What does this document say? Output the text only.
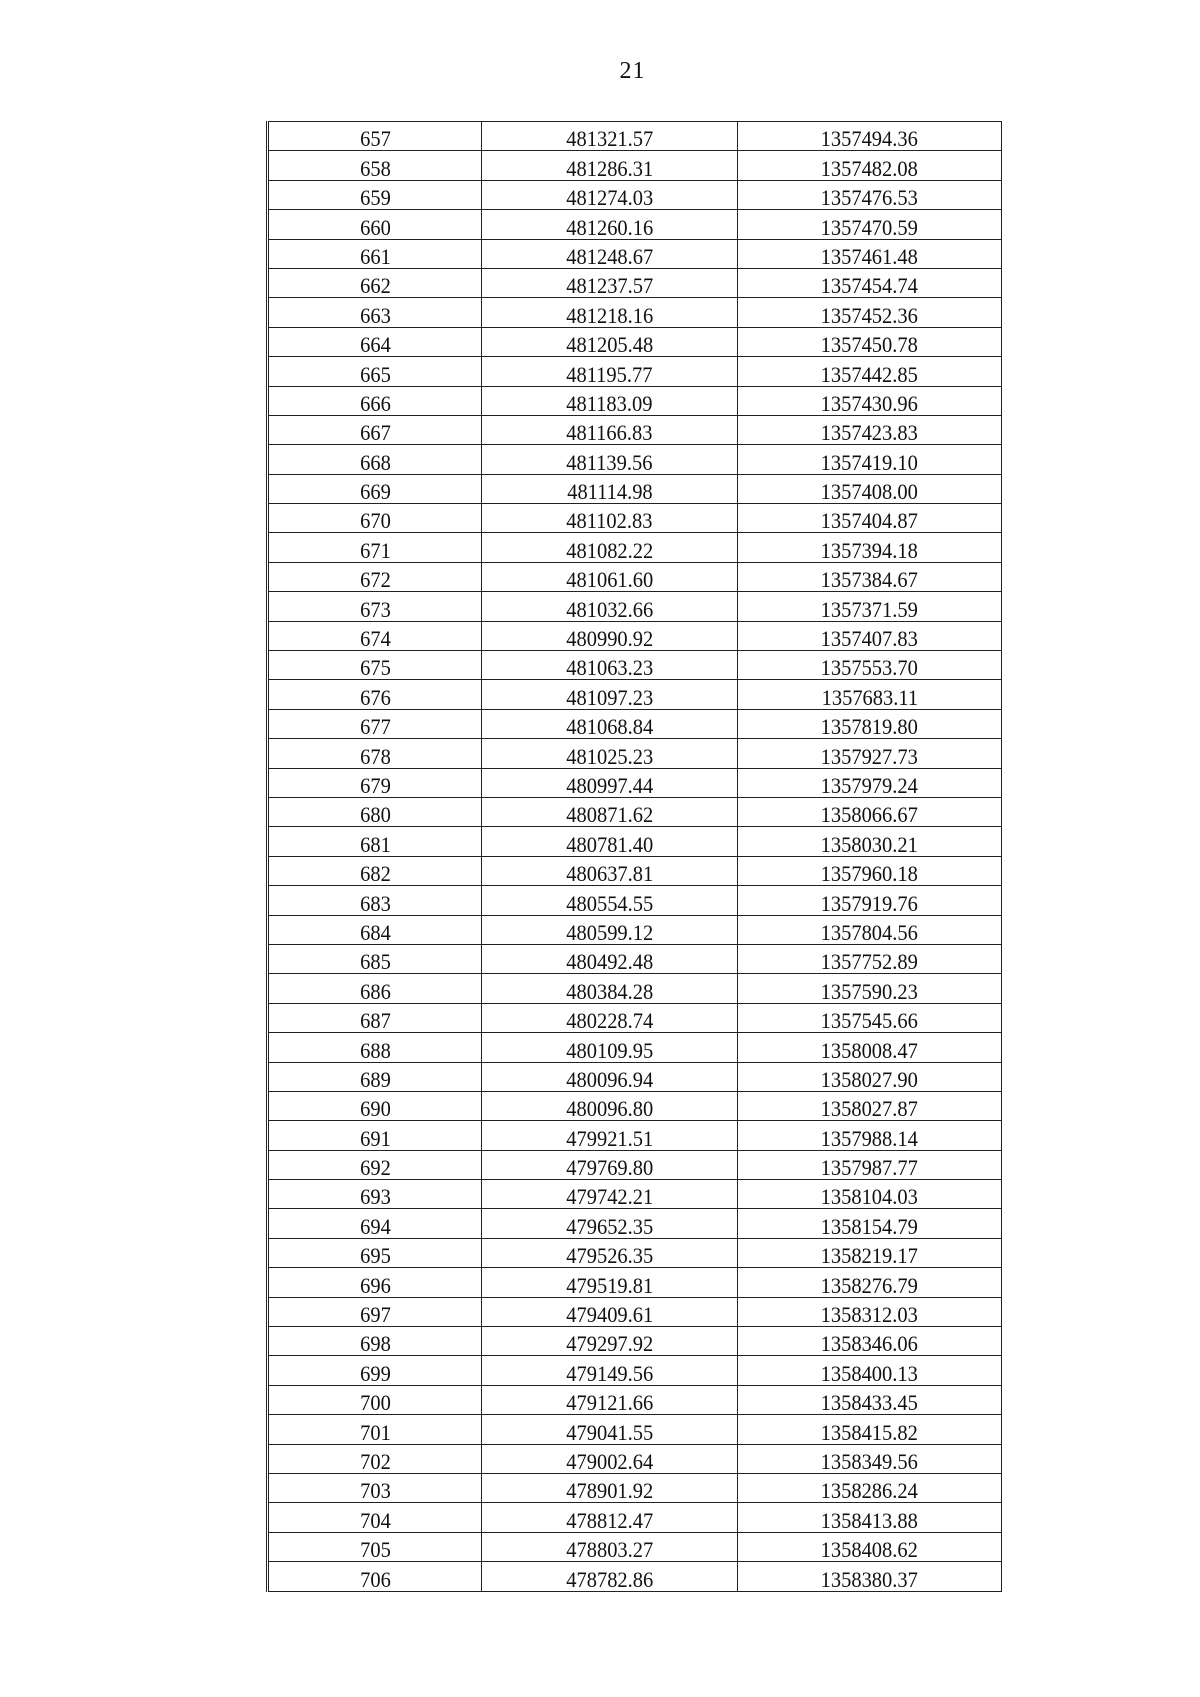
21
657	481321.57	1357494.36
658	481286.31	1357482.08
659	481274.03	1357476.53
660	481260.16	1357470.59
661	481248.67	1357461.48
662	481237.57	1357454.74
663	481218.16	1357452.36
664	481205.48	1357450.78
665	481195.77	1357442.85
666	481183.09	1357430.96
667	481166.83	1357423.83
668	481139.56	1357419.10
669	481114.98	1357408.00
670	481102.83	1357404.87
671	481082.22	1357394.18
672	481061.60	1357384.67
673	481032.66	1357371.59
674	480990.92	1357407.83
675	481063.23	1357553.70
676	481097.23	1357683.11
677	481068.84	1357819.80
678	481025.23	1357927.73
679	480997.44	1357979.24
680	480871.62	1358066.67
681	480781.40	1358030.21
682	480637.81	1357960.18
683	480554.55	1357919.76
684	480599.12	1357804.56
685	480492.48	1357752.89
686	480384.28	1357590.23
687	480228.74	1357545.66
688	480109.95	1358008.47
689	480096.94	1358027.90
690	480096.80	1358027.87
691	479921.51	1357988.14
692	479769.80	1357987.77
693	479742.21	1358104.03
694	479652.35	1358154.79
695	479526.35	1358219.17
696	479519.81	1358276.79
697	479409.61	1358312.03
698	479297.92	1358346.06
699	479149.56	1358400.13
700	479121.66	1358433.45
701	479041.55	1358415.82
702	479002.64	1358349.56
703	478901.92	1358286.24
704	478812.47	1358413.88
705	478803.27	1358408.62
706	478782.86	1358380.37
